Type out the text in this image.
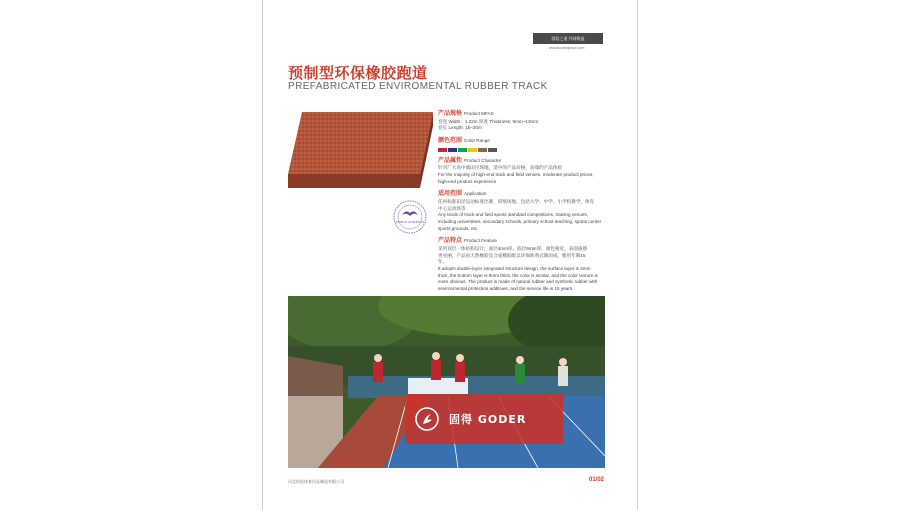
固信之道 共同铸造
www.fuudergtrack.com
预制型环保橡胶跑道
PREFABRICATED ENVIROMENTAL RUBBER TRACK
WORLD ATHLETICS
产品规格 Product MFAS

卷宽 Width：1.22m 厚度 Thickness: 9mm~13mm

卷长 Length: 15~20m

颜色范围 Color Range
产品属性 Product Character

针对广大高中端田径场地，适中的产品价格，高端的产品体验

For the majority of high-end track and field venues, moderate product prices,

high-end product experience

适用范围 Application

任何标准田径运动标准比赛，训练场地，包括大学、中学、小学校教学，体育

中心运动场等

Any kinds of track and field sports standard competitions, training venues,

including universities, secondary schools, primary school teaching, sports center

sports grounds, etc.

产品特点 Product Feature

采用双层一体结构设计，面层4mm厚，底层9mm厚，颜色相近，表面质感

更亮丽，产品由天然橡胶及合成橡胶配以环保助剂式制而成，使用年限15

年。

It adopts double-layer integrated structure design, the surface layer is 4mm

thick, the bottom layer is 9mm thick, the color is similar, and the color texture is

more obvious. The product is made of natural rubber and synthetic rubber with

environmental protection additives, and the service life is 15 years.

固得 GODER
河北佑松体育用品制造有限公司	01/02
